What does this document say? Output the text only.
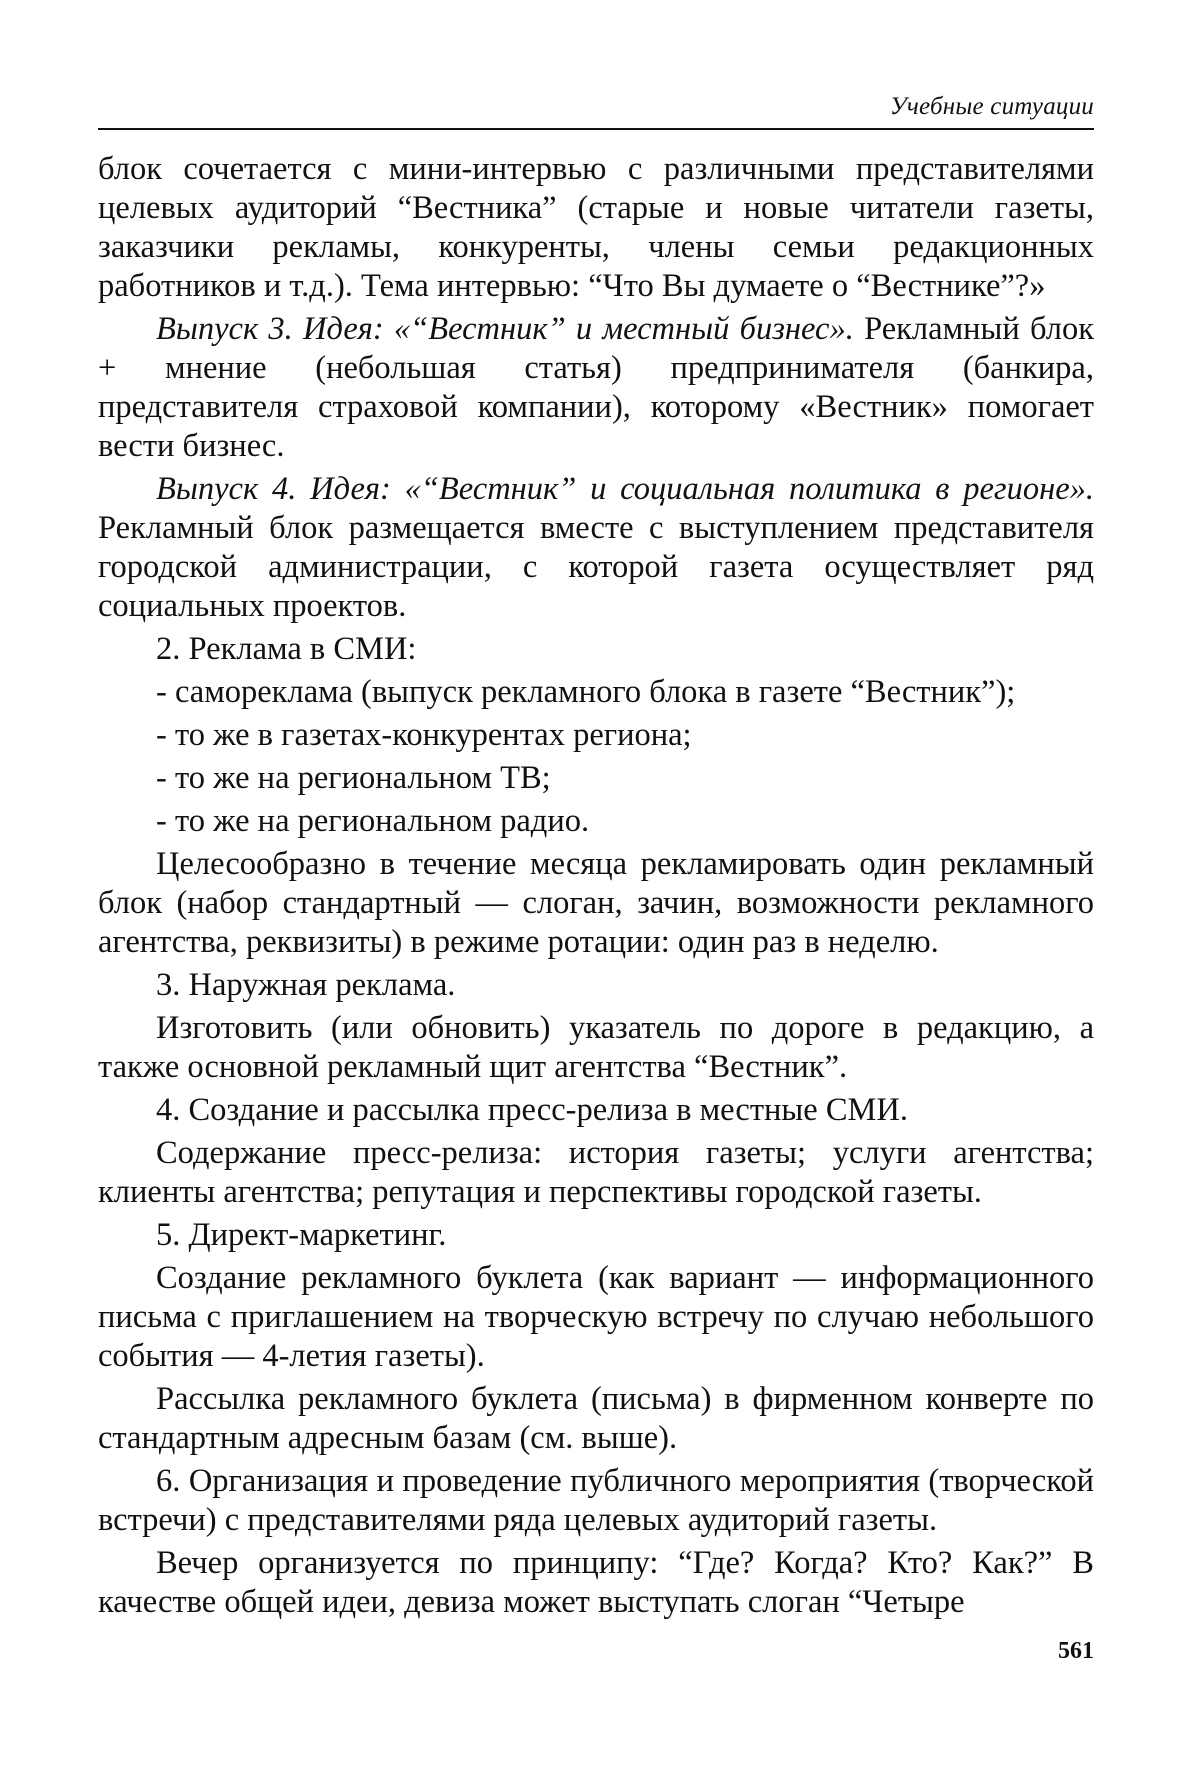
Учебные ситуации

блок сочетается с мини-интервью с различными представителями целевых аудиторий “Вестника” (старые и новые читатели газеты, заказчики рекламы, конкуренты, члены семьи редакционных работников и т.д.). Тема интервью: “Что Вы думаете о “Вестнике”?»

Выпуск 3. Идея: «“Вестник” и местный бизнес». Рекламный блок + мнение (небольшая статья) предпринимателя (банкира, представителя страховой компании), которому «Вестник» помогает вести бизнес.

Выпуск 4. Идея: «“Вестник” и социальная политика в регионе». Рекламный блок размещается вместе с выступлением представителя городской администрации, с которой газета осуществляет ряд социальных проектов.

2. Реклама в СМИ:

- самореклама (выпуск рекламного блока в газете “Вестник”);

- то же в газетах-конкурентах региона;

- то же на региональном ТВ;

- то же на региональном радио.

Целесообразно в течение месяца рекламировать один рекламный блок (набор стандартный — слоган, зачин, возможности рекламного агентства, реквизиты) в режиме ротации: один раз в неделю.

3. Наружная реклама.

Изготовить (или обновить) указатель по дороге в редакцию, а также основной рекламный щит агентства “Вестник”.

4. Создание и рассылка пресс-релиза в местные СМИ.

Содержание пресс-релиза: история газеты; услуги агентства; клиенты агентства; репутация и перспективы городской газеты.

5. Директ-маркетинг.

Создание рекламного буклета (как вариант — информационного письма с приглашением на творческую встречу по случаю небольшого события — 4-летия газеты).

Рассылка рекламного буклета (письма) в фирменном конверте по стандартным адресным базам (см. выше).

6. Организация и проведение публичного мероприятия (творческой встречи) с представителями ряда целевых аудиторий газеты.

Вечер организуется по принципу: “Где? Когда? Кто? Как?” В качестве общей идеи, девиза может выступать слоган “Четыре

561
